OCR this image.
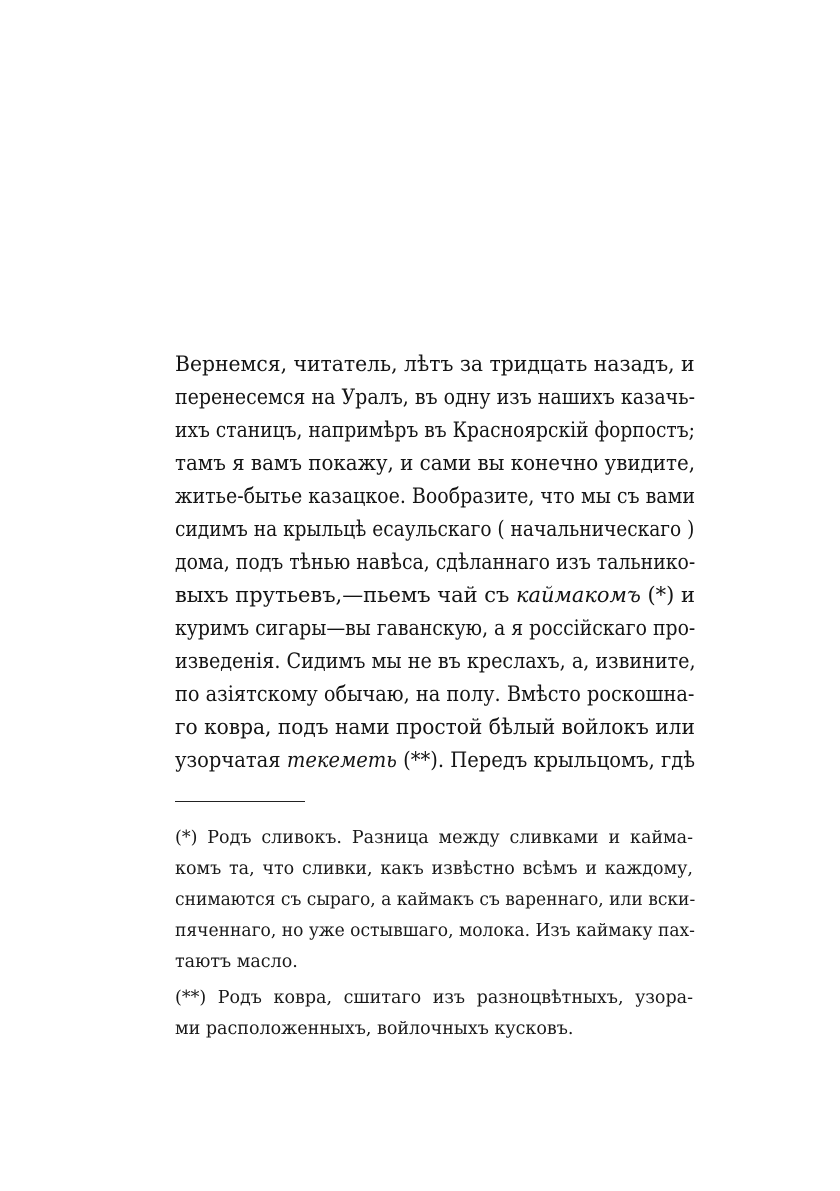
Вернемся, читатель, лѣтъ за тридцать назадъ, и
перенесемся на Уралъ, въ одну изъ нашихъ казачь-
ихъ станицъ, напримѣръ въ Красноярскій форпостъ;
тамъ я вамъ покажу, и сами вы конечно увидите,
житье-бытье казацкое. Вообразите, что мы съ вами
сидимъ на крыльцѣ есаульскаго ( начальническаго )
дома, подъ тѣнью навѣса, сдѣланнаго изъ тальнико-
выхъ прутьевъ,—пьемъ чай съ каймакомъ (*) и
куримъ сигары—вы гаванскую, а я россійскаго про-
изведенія. Сидимъ мы не въ креслахъ, а, извините,
по азіятскому обычаю, на полу. Вмѣсто роскошна-
го ковра, подъ нами простой бѣлый войлокъ или
узорчатая текеметь (**). Передъ крыльцомъ, гдѣ
(*) Родъ сливокъ. Разница между сливками и кайма-
комъ та, что сливки, какъ извѣстно всѣмъ и каждому,
снимаются съ сыраго, а каймакъ съ вареннаго, или вски-
пяченнаго, но уже остывшаго, молока. Изъ каймаку пах-
таютъ масло.
(**) Родъ ковра, сшитаго изъ разноцвѣтныхъ, узора-
ми расположенныхъ, войлочныхъ кусковъ.
